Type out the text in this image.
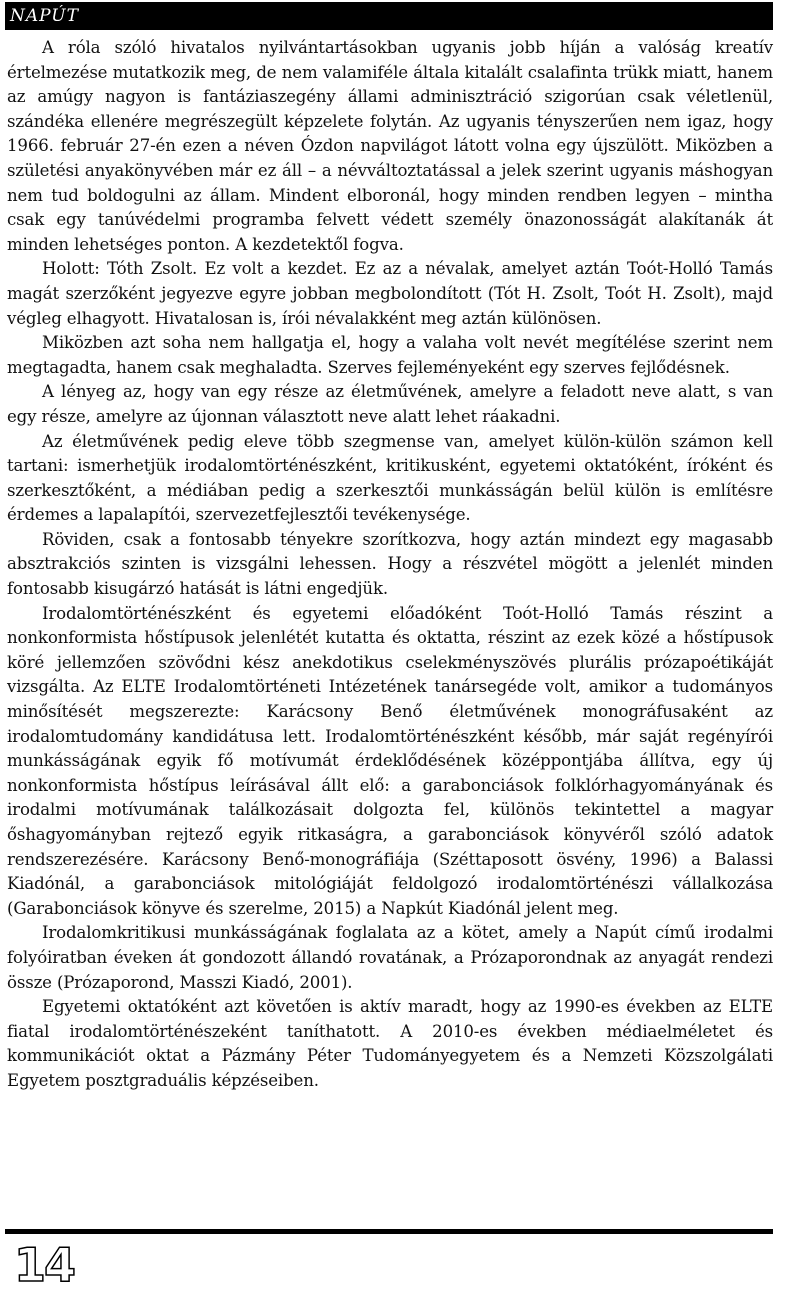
NAPÚT

A róla szóló hivatalos nyilvántartásokban ugyanis jobb híján a valóság kreatív értelmezése mutatkozik meg, de nem valamiféle általa kitalált csalafinta trükk miatt, hanem az amúgy nagyon is fantáziaszegény állami adminisztráció szigorúan csak véletlenül, szándéka ellenére megrészegült képzelete folytán. Az ugyanis tényszerűen nem igaz, hogy 1966. február 27-én ezen a néven Ózdon napvilágot látott volna egy újszülött. Miközben a születési anyakönyvében már ez áll – a névváltoztatással a jelek szerint ugyanis máshogyan nem tud boldogulni az állam. Mindent elboronál, hogy minden rendben legyen – mintha csak egy tanúvédelmi programba felvett védett személy önazonosságát alakítanák át minden lehetséges ponton. A kezdetektől fogva.

Holott: Tóth Zsolt. Ez volt a kezdet. Ez az a névalak, amelyet aztán Toót-Holló Tamás magát szerzőként jegyezve egyre jobban megbolondított (Tót H. Zsolt, Toót H. Zsolt), majd végleg elhagyott. Hivatalosan is, írói névalakként meg aztán különösen.

Miközben azt soha nem hallgatja el, hogy a valaha volt nevét megítélése szerint nem megtagadta, hanem csak meghaladta. Szerves fejleményeként egy szerves fejlődésnek.

A lényeg az, hogy van egy része az életművének, amelyre a feladott neve alatt, s van egy része, amelyre az újonnan választott neve alatt lehet ráakadni.

Az életművének pedig eleve több szegmense van, amelyet külön-külön számon kell tartani: ismerhetjük irodalomtörténészként, kritikusként, egyetemi oktatóként, íróként és szerkesztőként, a médiában pedig a szerkesztői munkásságán belül külön is említésre érdemes a lapalapítói, szervezetfejlesztői tevékenysége.

Röviden, csak a fontosabb tényekre szorítkozva, hogy aztán mindezt egy magasabb absztrakciós szinten is vizsgálni lehessen. Hogy a részvétel mögött a jelenlét minden fontosabb kisugárzó hatását is látni engedjük.

Irodalomtörténészként és egyetemi előadóként Toót-Holló Tamás részint a nonkonformista hőstípusok jelenlétét kutatta és oktatta, részint az ezek közé a hőstípusok köré jellemzően szövődni kész anekdotikus cselekményszövés plurális prózapoétikáját vizsgálta. Az ELTE Irodalomtörténeti Intézetének tanársegéde volt, amikor a tudományos minősítését megszerezte: Karácsony Benő életművének monográfusaként az irodalomtudomány kandidátusa lett. Irodalomtörténészként később, már saját regényírói munkásságának egyik fő motívumát érdeklődésének középpontjába állítva, egy új nonkonformista hőstípus leírásával állt elő: a garabonciások folklórhagyományának és irodalmi motívumának találkozásait dolgozta fel, különös tekintettel a magyar őshagyományban rejtező egyik ritkaságra, a garabonciások könyvéről szóló adatok rendszerezésére. Karácsony Benő-monográfiája (Széttaposott ösvény, 1996) a Balassi Kiadónál, a garabonciások mitológiáját feldolgozó irodalomtörténészi vállalkozása (Garabonciások könyve és szerelme, 2015) a Napkút Kiadónál jelent meg.

Irodalomkritikusi munkásságának foglalata az a kötet, amely a Napút című irodalmi folyóiratban éveken át gondozott állandó rovatának, a Prózaporondnak az anyagát rendezi össze (Prózaporond, Masszi Kiadó, 2001).

Egyetemi oktatóként azt követően is aktív maradt, hogy az 1990-es években az ELTE fiatal irodalomtörténészeként taníthatott. A 2010-es években médiaelméletet és kommunikációt oktat a Pázmány Péter Tudományegyetem és a Nemzeti Közszolgálati Egyetem posztgraduális képzéseiben.

14
